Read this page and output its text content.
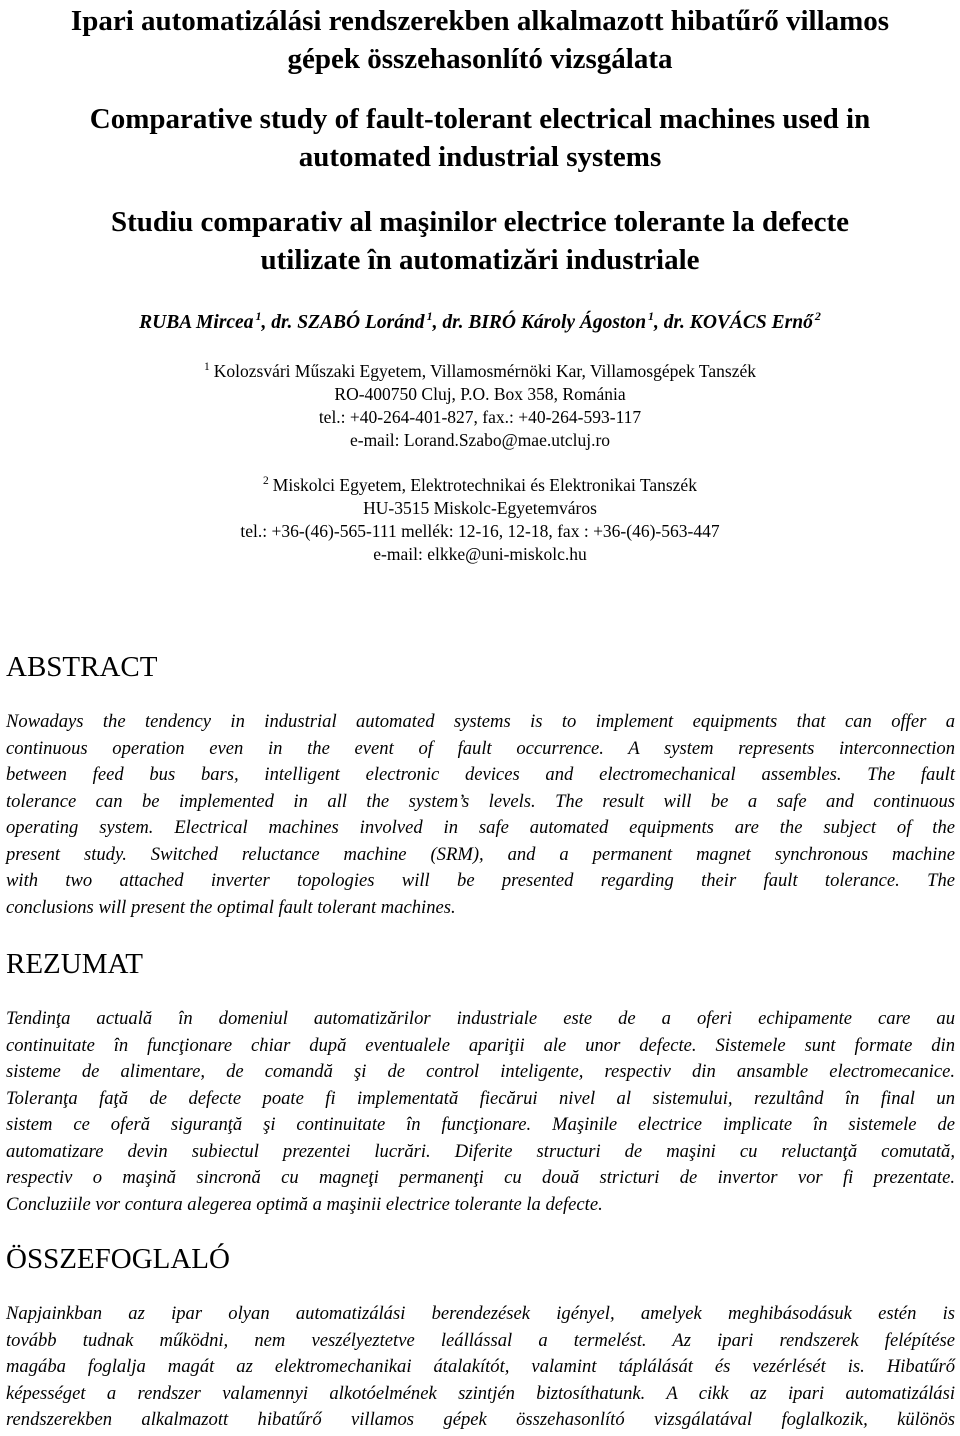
Ipari automatizálási rendszerekben alkalmazott hibatűrő villamos
gépek összehasonlító vizsgálata
Comparative study of fault-tolerant electrical machines used in
automated industrial systems
Studiu comparativ al maşinilor electrice tolerante la defecte
utilizate în automatizări industriale
RUBA Mircea $^1$, dr. SZABÓ Loránd $^1$, dr. BIRÓ Károly Ágoston $^1$, dr. KOVÁCS Ernő $^2$
$^1$ Kolozsvári Műszaki Egyetem, Villamosmérnöki Kar, Villamosgépek Tanszék
RO-400750 Cluj, P.O. Box 358, Románia
tel.: +40-264-401-827, fax.: +40-264-593-117
e-mail: Lorand.Szabo@mae.utcluj.ro
$^2$ Miskolci Egyetem, Elektrotechnikai és Elektronikai Tanszék
HU-3515 Miskolc-Egyetemváros
tel.: +36-(46)-565-111 mellék: 12-16, 12-18, fax : +36-(46)-563-447
e-mail: elkke@uni-miskolc.hu
ABSTRACT
Nowadays the tendency in industrial automated systems is to implement equipments that can offer a
continuous operation even in the event of fault occurrence. A system represents interconnection
between feed bus bars, intelligent electronic devices and electromechanical assembles. The fault
tolerance can be implemented in all the system’s levels. The result will be a safe and continuous
operating system. Electrical machines involved in safe automated equipments are the subject of the
present study. Switched reluctance machine (SRM), and a permanent magnet synchronous machine
with two attached inverter topologies will be presented regarding their fault tolerance. The
conclusions will present the optimal fault tolerant machines.
REZUMAT
Tendinţa actuală în domeniul automatizărilor industriale este de a oferi echipamente care au
continuitate în funcţionare chiar după eventualele apariţii ale unor defecte. Sistemele sunt formate din
sisteme de alimentare, de comandă şi de control inteligente, respectiv din ansamble electromecanice.
Toleranţa faţă de defecte poate fi implementată fiecărui nivel al sistemului, rezultând în final un
sistem ce oferă siguranţă şi continuitate în funcţionare. Maşinile electrice implicate în sistemele de
automatizare devin subiectul prezentei lucrări. Diferite structuri de maşini cu reluctanţă comutată,
respectiv o maşină sincronă cu magneţi permanenţi cu două stricturi de invertor vor fi prezentate.
Concluziile vor contura alegerea optimă a maşinii electrice tolerante la defecte.
ÖSSZEFOGLALÓ
Napjainkban az ipar olyan automatizálási berendezések igényel, amelyek meghibásodásuk estén is
tovább tudnak működni, nem veszélyeztetve leállással a termelést. Az ipari rendszerek felépítése
magába foglalja magát az elektromechanikai átalakítót, valamint táplálását és vezérlését is. Hibatűrő
képességet a rendszer valamennyi alkotóelmének szintjén biztosíthatunk. A cikk az ipari automatizálási
rendszerekben alkalmazott hibatűrő villamos gépek összehasonlító vizsgálatával foglalkozik, különös
